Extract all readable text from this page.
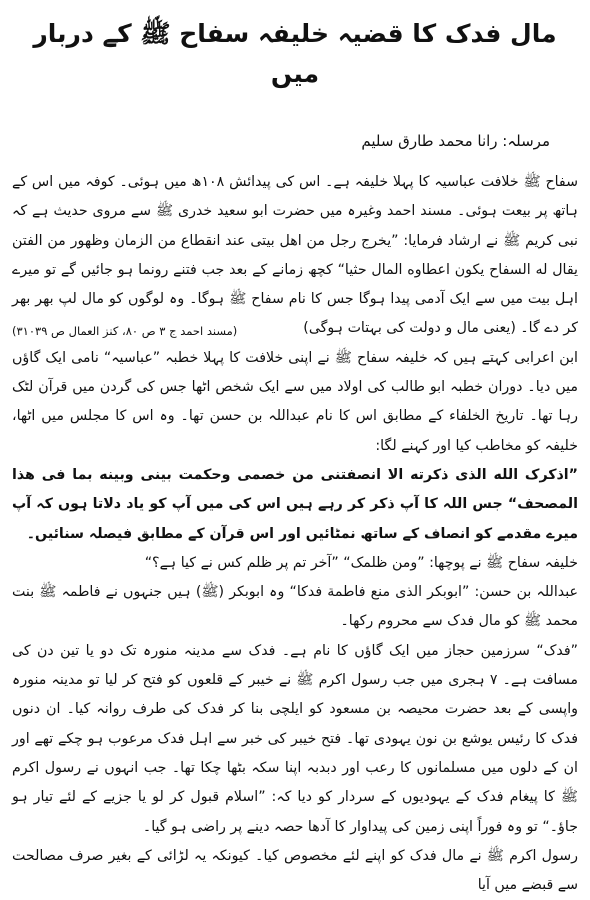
مال فدک کا قضیہ خلیفہ سفاح ﷺ کے دربار میں
مرسلہ: رانا محمد طارق سلیم

سفاح ﷺ خلافت عباسیہ کا پہلا خلیفہ ہے۔ اس کی پیدائش ۱۰۸ھ میں ہوئی۔ کوفہ میں اس کے ہاتھ پر بیعت ہوئی۔ مسند احمد وغیرہ میں حضرت ابو سعید خدری ﷺ سے مروی حدیث ہے کہ نبی کریم ﷺ نے ارشاد فرمایا: ”یخرج رجل من اهل بیتی عند انقطاع من الزمان وظهور من الفتن یقال له السفاح یکون اعطاوه المال حثیا“ کچھ زمانے کے بعد جب فتنے رونما ہو جائیں گے تو میرے اہل بیت میں سے ایک آدمی پیدا ہوگا جس کا نام سفاح ﷺ ہوگا۔ وہ لوگوں کو مال لپ بھر بھر کر دے گا۔ (یعنی مال و دولت کی بہتات ہوگی)

(مسند احمد ج ۳ ص ۸۰، کنز العمال ص ۳۱۰۳۹)

ابن اعرابی کہتے ہیں کہ خلیفہ سفاح ﷺ نے اپنی خلافت کا پہلا خطبہ ”عباسیہ“ نامی ایک گاؤں میں دیا۔ دوران خطبہ ابو طالب کی اولاد میں سے ایک شخص اٹھا جس کی گردن میں قرآن لٹک رہا تھا۔ تاریخ الخلفاء کے مطابق اس کا نام عبداللہ بن حسن تھا۔ وہ اس کا مجلس میں اٹھا، خلیفہ کو مخاطب کیا اور کہنے لگا:

”اذکرک الله الذی ذکرته الا انصفتنی من خصمی وحکمت بینی وبینه بما فی هذا المصحف“ جس اللہ کا آپ ذکر کر رہے ہیں اس کی میں آپ کو یاد دلاتا ہوں کہ آپ میرے مقدمے کو انصاف کے ساتھ نمٹائیں اور اس قرآن کے مطابق فیصلہ سنائیں۔

خلیفہ سفاح ﷺ نے پوچھا: ”ومن ظلمک“ ”آخر تم پر ظلم کس نے کیا ہے؟“

عبداللہ بن حسن: ”ابوبکر الذی منع فاطمة فدکا“ وہ ابوبکر (ﷺ) ہیں جنہوں نے فاطمہ ﷺ بنت محمد ﷺ کو مال فدک سے محروم رکھا۔

”فدک“ سرزمین حجاز میں ایک گاؤں کا نام ہے۔ فدک سے مدینہ منورہ تک دو یا تین دن کی مسافت ہے۔ ۷ ہجری میں جب رسول اکرم ﷺ نے خیبر کے قلعوں کو فتح کر لیا تو مدینہ منورہ واپسی کے بعد حضرت محیصہ بن مسعود کو ایلچی بنا کر فدک کی طرف روانہ کیا۔ ان دنوں فدک کا رئیس یوشع بن نون یہودی تھا۔ فتح خیبر کی خبر سے اہل فدک مرعوب ہو چکے تھے اور ان کے دلوں میں مسلمانوں کا رعب اور دبدبہ اپنا سکہ بٹھا چکا تھا۔ جب انہوں نے رسول اکرم ﷺ کا پیغام فدک کے یہودیوں کے سردار کو دیا کہ: ”اسلام قبول کر لو یا جزیے کے لئے تیار ہو جاؤ۔“ تو وہ فوراً اپنی زمین کی پیداوار کا آدھا حصہ دینے پر راضی ہو گیا۔

رسول اکرم ﷺ نے مال فدک کو اپنے لئے مخصوص کیا۔ کیونکہ یہ لڑائی کے بغیر صرف مصالحت سے قبضے میں آیا
